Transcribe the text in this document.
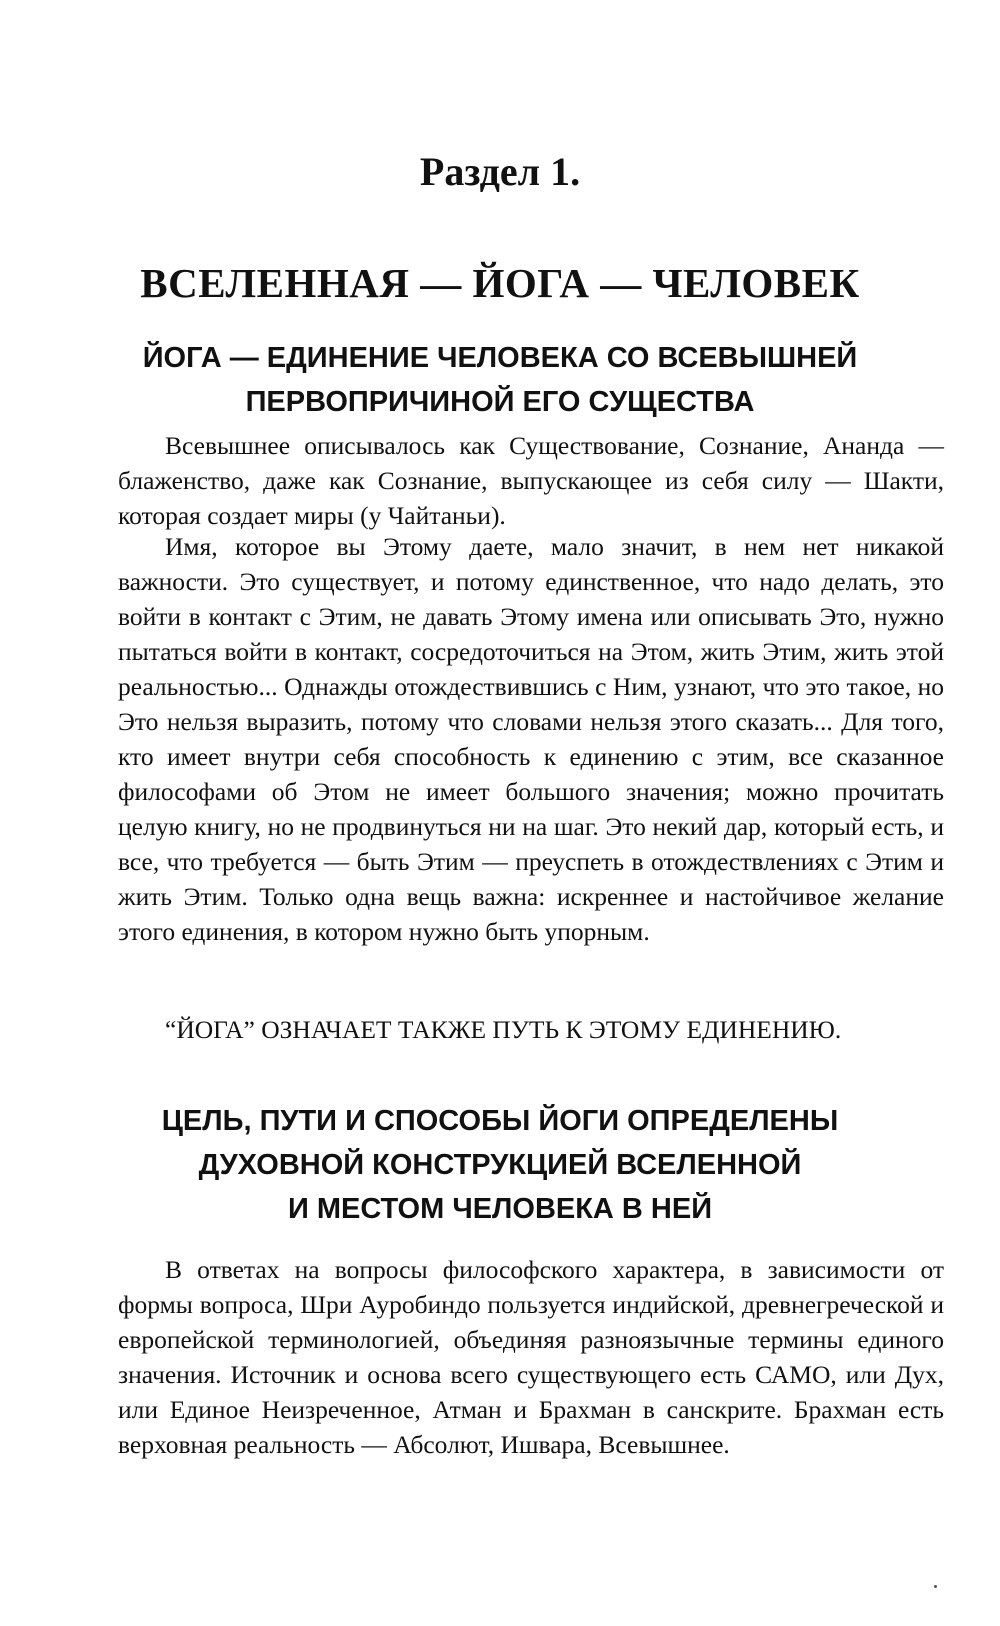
Раздел 1.
ВСЕЛЕННАЯ — ЙОГА — ЧЕЛОВЕК
ЙОГА — ЕДИНЕНИЕ ЧЕЛОВЕКА СО ВСЕВЫШНЕЙ
ПЕРВОПРИЧИНОЙ ЕГО СУЩЕСТВА

Всевышнее описывалось как Существование, Сознание, Ананда — блаженство, даже как Сознание, выпускающее из себя силу — Шакти, которая создает миры (у Чайтаньи).

Имя, которое вы Этому даете, мало значит, в нем нет никакой важности. Это существует, и потому единственное, что надо делать, это войти в контакт с Этим, не давать Этому имена или описывать Это, нужно пытаться войти в контакт, сосредоточиться на Этом, жить Этим, жить этой реальностью... Однажды отождествившись с Ним, узнают, что это такое, но Это нельзя выразить, потому что словами нельзя этого сказать... Для того, кто имеет внутри себя способность к единению с этим, все сказанное философами об Этом не имеет большого значения; можно прочитать целую книгу, но не продвинуться ни на шаг. Это некий дар, который есть, и все, что требуется — быть Этим — преуспеть в отождествлениях с Этим и жить Этим. Только одна вещь важна: искреннее и настойчивое желание этого единения, в котором нужно быть упорным.

“ЙОГА” ОЗНАЧАЕТ ТАКЖЕ ПУТЬ К ЭТОМУ ЕДИНЕНИЮ.

ЦЕЛЬ, ПУТИ И СПОСОБЫ ЙОГИ ОПРЕДЕЛЕНЫ
ДУХОВНОЙ КОНСТРУКЦИЕЙ ВСЕЛЕННОЙ
И МЕСТОМ ЧЕЛОВЕКА В НЕЙ

В ответах на вопросы философского характера, в зависимости от формы вопроса, Шри Ауробиндо пользуется индийской, древнегреческой и европейской терминологией, объединяя разноязычные термины единого значения. Источник и основа всего существующего есть САМО, или Дух, или Единое Неизреченное, Атман и Брахман в санскрите. Брахман есть верховная реальность — Абсолют, Ишвара, Всевышнее.
